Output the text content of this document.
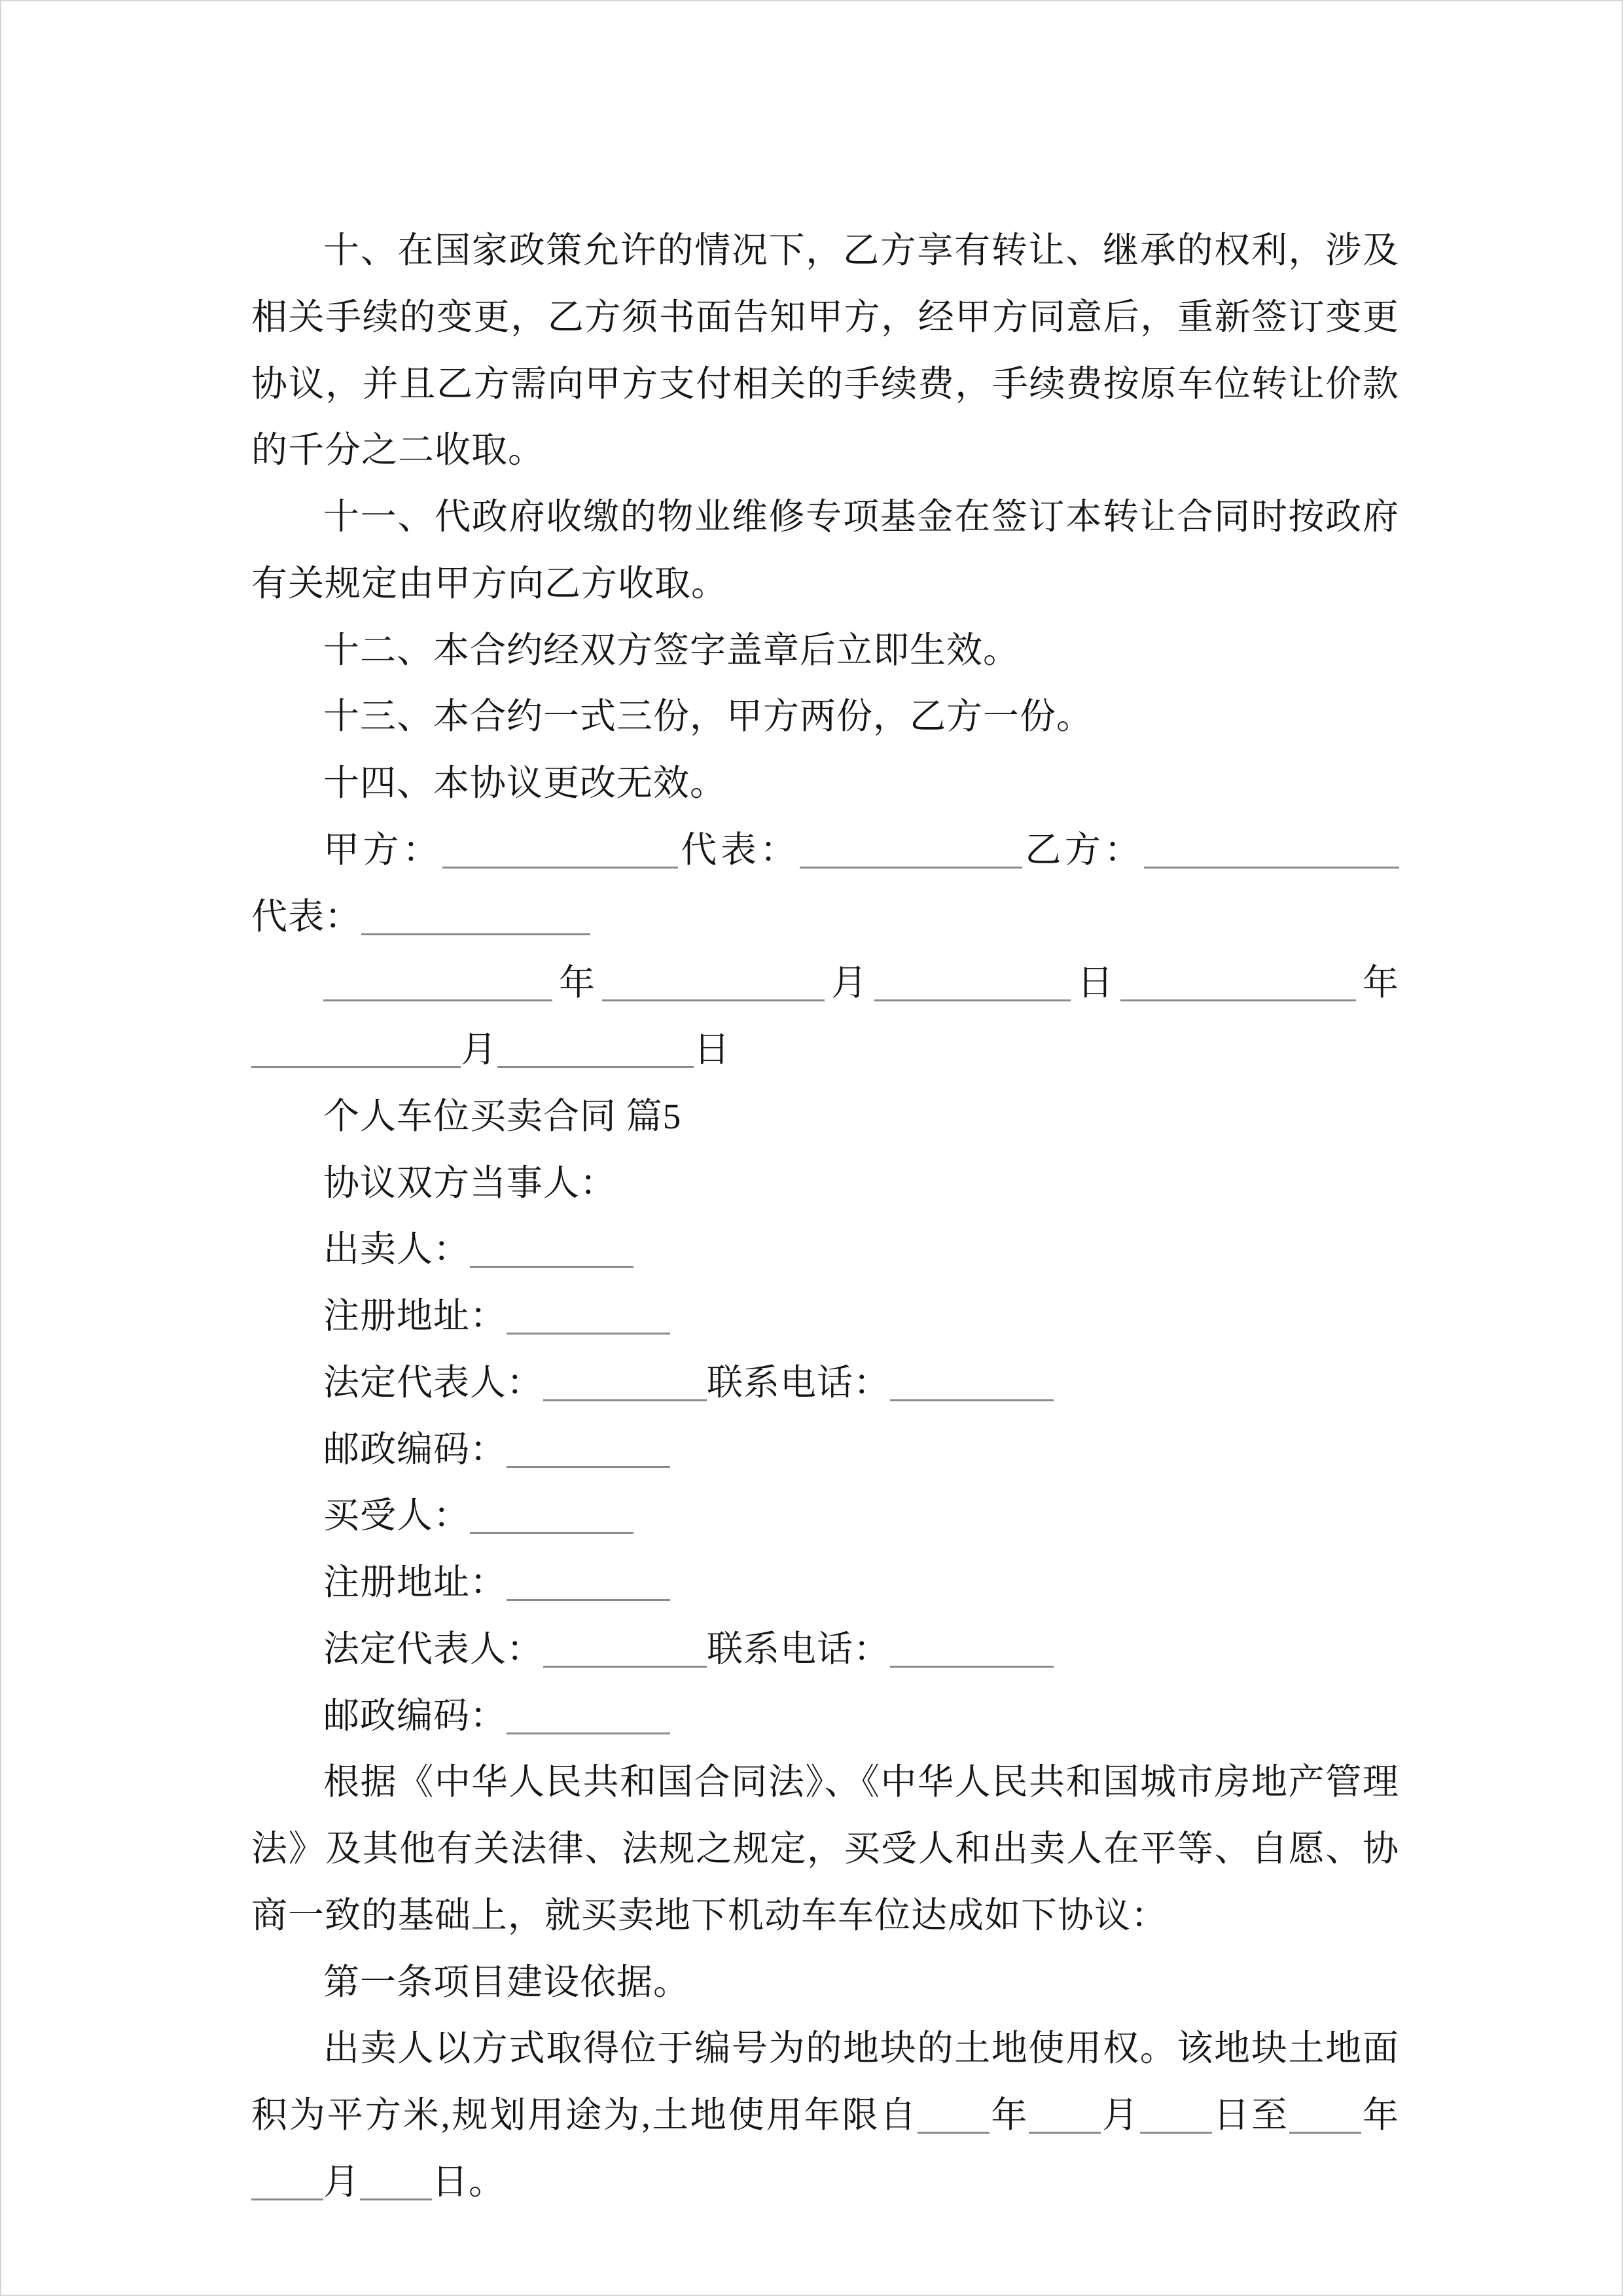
十、在国家政策允许的情况下，乙方享有转让、继承的权利，涉及相关手续的变更，乙方须书面告知甲方，经甲方同意后，重新签订变更协议，并且乙方需向甲方支付相关的手续费，手续费按原车位转让价款的千分之二收取。

十一、代政府收缴的物业维修专项基金在签订本转让合同时按政府有关规定由甲方向乙方收取。

十二、本合约经双方签字盖章后立即生效。

十三、本合约一式三份，甲方两份，乙方一份。

十四、本协议更改无效。

甲方：	代表：	乙方：代表：

年	月	日	年月	日

个人车位买卖合同 篇5

协议双方当事人：

出卖人：

注册地址：

法定代表人：	联系电话：

邮政编码：

买受人：

注册地址：

法定代表人：	联系电话：

邮政编码：

根据《中华人民共和国合同法》、《中华人民共和国城市房地产管理法》及其他有关法律、法规之规定，买受人和出卖人在平等、自愿、协商一致的基础上，就买卖地下机动车车位达成如下协议：

第一条项目建设依据。

出卖人以方式取得位于编号为的地块的土地使用权。该地块土地面积为平方米,规划用途为,土地使用年限自 年 月 日至 年月 日。
